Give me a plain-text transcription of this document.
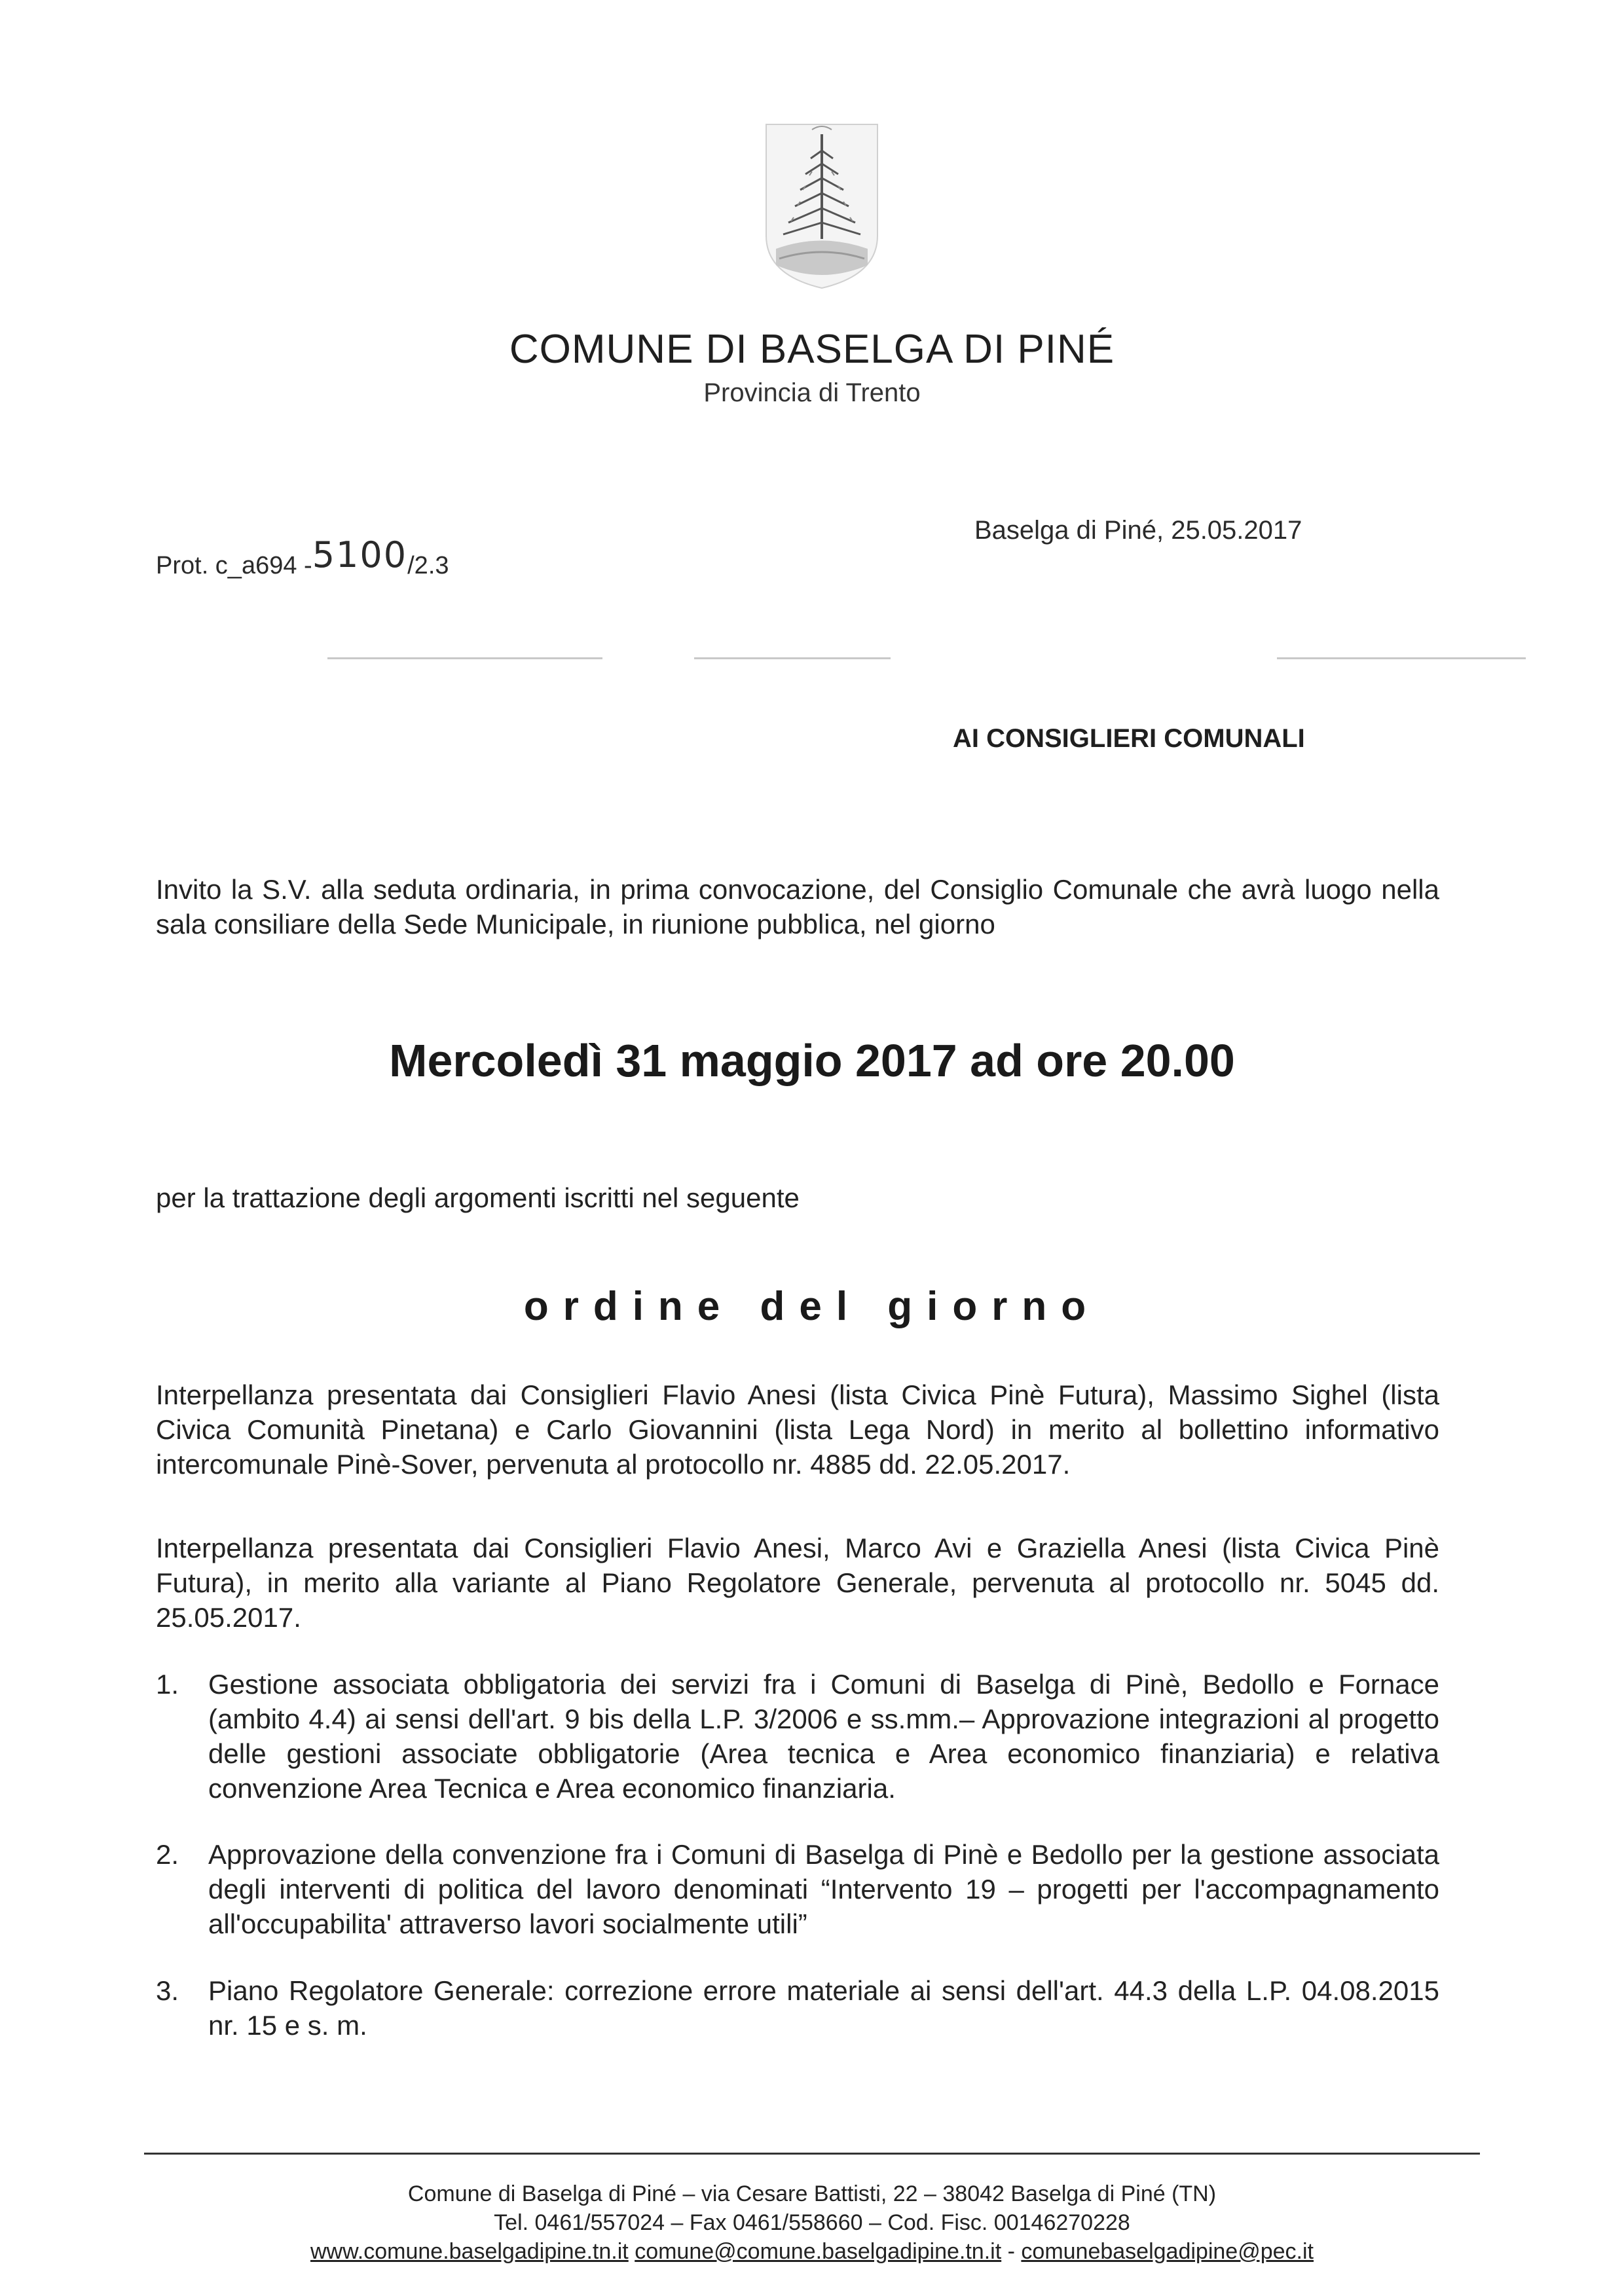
COMUNE DI BASELGA DI PINÉ
Provincia di Trento
Prot. c_a694 -5100/2.3
Baselga di Piné, 25.05.2017
AI CONSIGLIERI COMUNALI
Invito la S.V. alla seduta ordinaria, in prima convocazione, del Consiglio Comunale che avrà luogo nella sala consiliare della Sede Municipale, in riunione pubblica, nel giorno
Mercoledì 31 maggio 2017 ad ore 20.00
per la trattazione degli argomenti iscritti nel seguente
ordine del giorno
Interpellanza presentata dai Consiglieri Flavio Anesi (lista Civica Pinè Futura), Massimo Sighel (lista Civica Comunità Pinetana) e Carlo Giovannini (lista Lega Nord) in merito al bollettino informativo intercomunale Pinè-Sover, pervenuta al protocollo nr. 4885 dd. 22.05.2017.
Interpellanza presentata dai Consiglieri Flavio Anesi, Marco Avi e Graziella Anesi (lista Civica Pinè Futura), in merito alla variante al Piano Regolatore Generale, pervenuta al protocollo nr. 5045 dd. 25.05.2017.
1.	Gestione associata obbligatoria dei servizi fra i Comuni di Baselga di Pinè, Bedollo e Fornace (ambito 4.4) ai sensi dell'art. 9 bis della L.P. 3/2006 e ss.mm.– Approvazione integrazioni al progetto delle gestioni associate obbligatorie (Area tecnica e Area economico finanziaria) e relativa convenzione Area Tecnica e Area economico finanziaria.
2.	Approvazione della convenzione fra i Comuni di Baselga di Pinè e Bedollo per la gestione associata degli interventi di politica del lavoro denominati “Intervento 19 – progetti per l'accompagnamento all'occupabilita' attraverso lavori socialmente utili”
3.	Piano Regolatore Generale: correzione errore materiale ai sensi dell'art. 44.3 della L.P. 04.08.2015 nr. 15 e s. m.
Comune di Baselga di Piné – via Cesare Battisti, 22 – 38042 Baselga di Piné (TN)
Tel. 0461/557024 – Fax 0461/558660 – Cod. Fisc. 00146270228
www.comune.baselgadipine.tn.it comune@comune.baselgadipine.tn.it - comunebaselgadipine@pec.it
